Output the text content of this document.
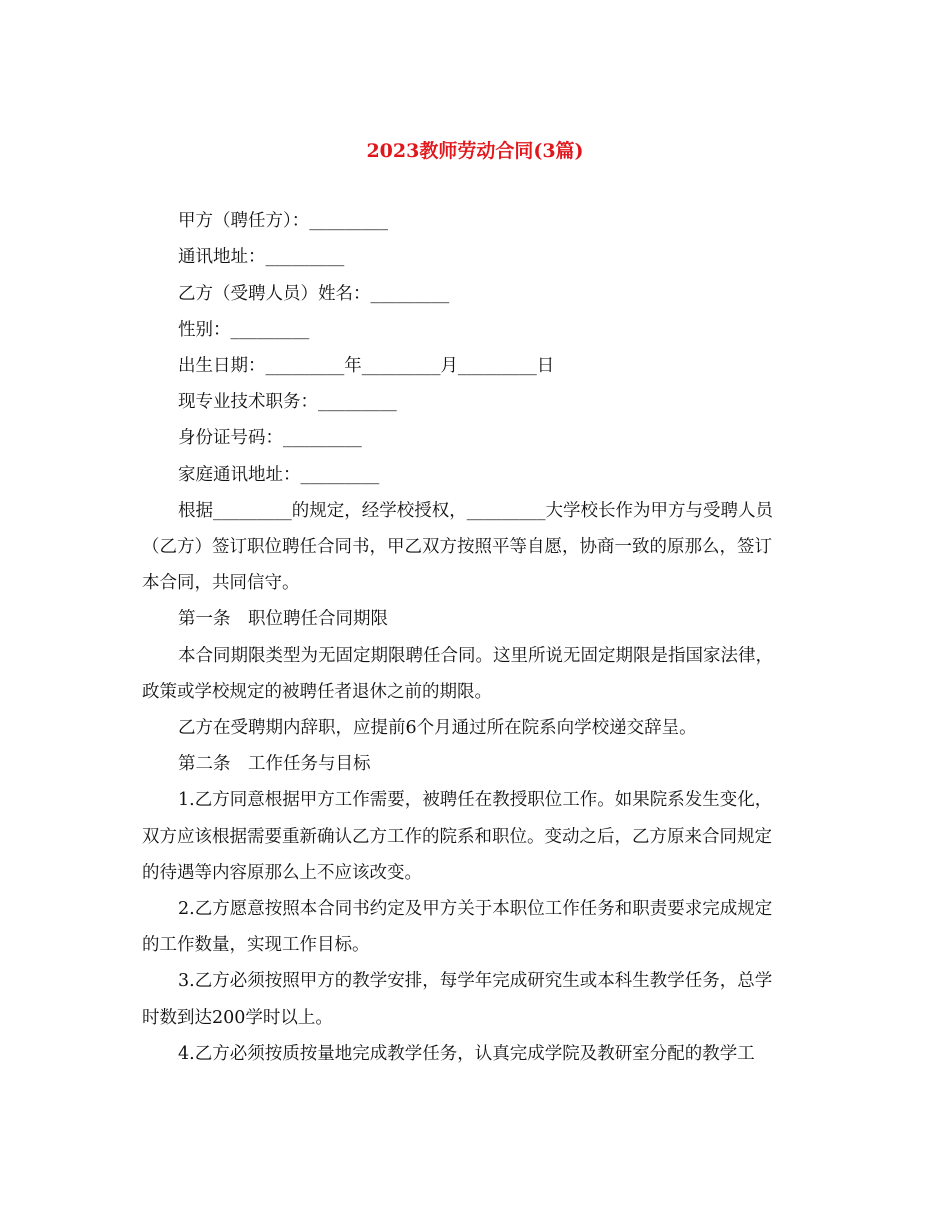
2023教师劳动合同(3篇)
甲方（聘任方）：_________
通讯地址：_________
乙方（受聘人员）姓名：_________
性别：_________
出生日期：_________年_________月_________日
现专业技术职务：_________
身份证号码：_________
家庭通讯地址：_________
根据_________的规定，经学校授权，_________大学校长作为甲方与受聘人员
（乙方）签订职位聘任合同书，甲乙双方按照平等自愿，协商一致的原那么，签订
本合同，共同信守。
第一条　职位聘任合同期限
本合同期限类型为无固定期限聘任合同。这里所说无固定期限是指国家法律，
政策或学校规定的被聘任者退休之前的期限。
乙方在受聘期内辞职，应提前6个月通过所在院系向学校递交辞呈。
第二条　工作任务与目标
1.乙方同意根据甲方工作需要，被聘任在教授职位工作。如果院系发生变化，
双方应该根据需要重新确认乙方工作的院系和职位。变动之后，乙方原来合同规定
的待遇等内容原那么上不应该改变。
2.乙方愿意按照本合同书约定及甲方关于本职位工作任务和职责要求完成规定
的工作数量，实现工作目标。
3.乙方必须按照甲方的教学安排，每学年完成研究生或本科生教学任务，总学
时数到达200学时以上。
4.乙方必须按质按量地完成教学任务，认真完成学院及教研室分配的教学工
